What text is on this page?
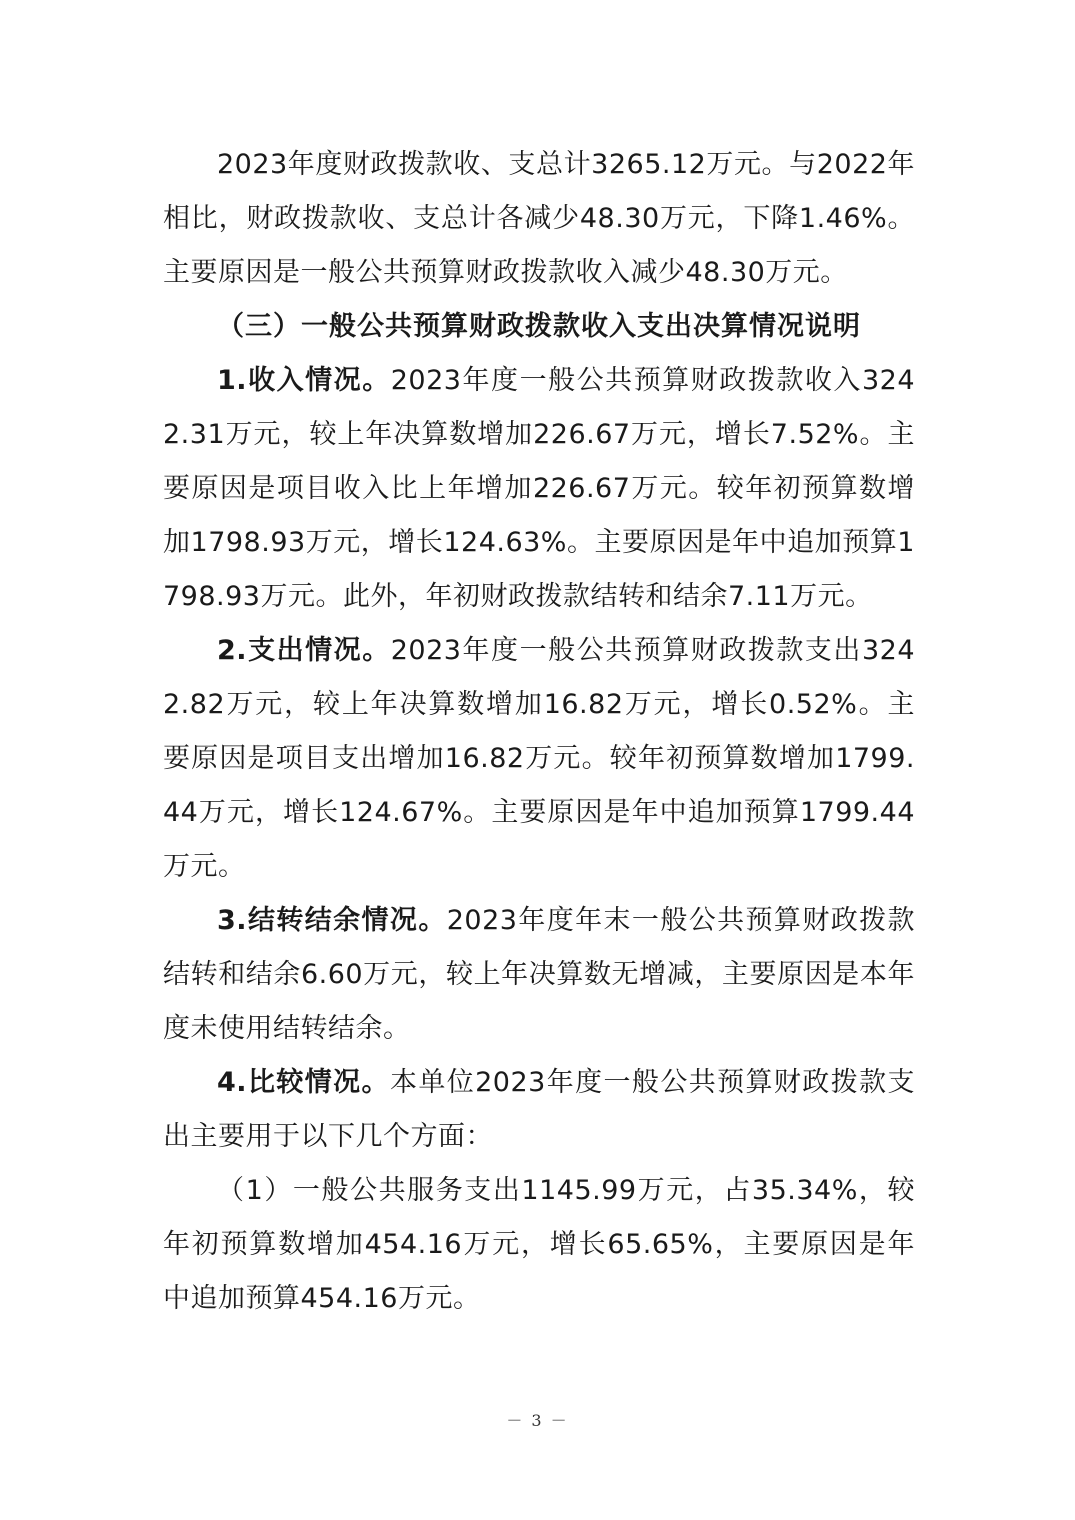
2023年度财政拨款收、支总计3265.12万元。与2022年相比，财政拨款收、支总计各减少48.30万元，下降1.46%。主要原因是一般公共预算财政拨款收入减少48.30万元。

（三）一般公共预算财政拨款收入支出决算情况说明

1.收入情况。2023年度一般公共预算财政拨款收入3242.31万元，较上年决算数增加226.67万元，增长7.52%。主要原因是项目收入比上年增加226.67万元。较年初预算数增加1798.93万元，增长124.63%。主要原因是年中追加预算1798.93万元。此外，年初财政拨款结转和结余7.11万元。

2.支出情况。2023年度一般公共预算财政拨款支出3242.82万元，较上年决算数增加16.82万元，增长0.52%。主要原因是项目支出增加16.82万元。较年初预算数增加1799.44万元，增长124.67%。主要原因是年中追加预算1799.44万元。

3.结转结余情况。2023年度年末一般公共预算财政拨款结转和结余6.60万元，较上年决算数无增减，主要原因是本年度未使用结转结余。

4.比较情况。本单位2023年度一般公共预算财政拨款支出主要用于以下几个方面：

（1）一般公共服务支出1145.99万元，占35.34%，较年初预算数增加454.16万元，增长65.65%，主要原因是年中追加预算454.16万元。

－ 3 －
